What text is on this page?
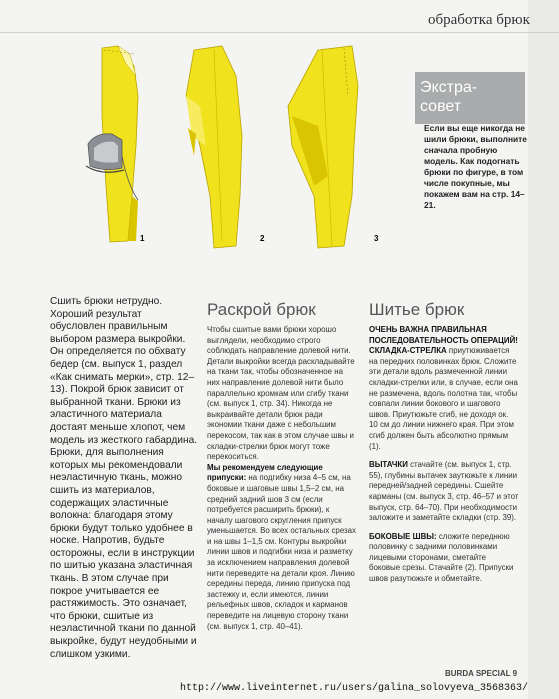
обработка брюк
1	2	3
Экстра-
совет
Если вы еще никогда не шили брюки, выполните сначала пробную модель. Как подогнать брюки по фигуре, в том числе покупные, мы покажем вам на стр. 14–21.

Сшить брюки нетрудно. Хороший результат обусловлен правильным выбором размера выкройки. Он определяется по обхвату бедер (см. выпуск 1, раздел «Как снимать мерки», стр. 12–13). Покрой брюк зависит от выбранной ткани. Брюки из эластичного материала достаят меньше хлопот, чем модель из жесткого габардина. Брюки, для выполнения которых мы рекомендовали неэластичную ткань, можно сшить из материалов, содержащих эластичные волокна: благодаря этому брюки будут только удобнее в носке. Напротив, будьте осторожны, если в инструкции по шитью указана эластичная ткань. В этом случае при покрое учитывается ее растяжимость. Это означает, что брюки, сшитые из неэластичной ткани по данной выкройке, будут неудобными и слишком узкими.

Раскрой брюк

Чтобы сшитые вами брюки хорошо выглядели, необходимо строго соблюдать направление долевой нити. Детали выкройки всегда раскладывайте на ткани так, чтобы обозначенное на них направление долевой нити было параллельно кромкам или сгибу ткани (см. выпуск 1, стр. 34). Никогда не выкраивайте детали брюк ради экономии ткани даже с небольшим перекосом, так как в этом случае швы и складки-стрелки брюк могут тоже перекоситься.

Мы рекомендуем следующие припуски: на подгибку низа 4–5 см, на боковые и шаговые швы 1,5–2 см, на средний задний шов 3 см (если потребуется расширить брюки), к началу шагового скругления припуск уменьшается. Во всех остальных срезах и на швы 1–1,5 см. Контуры выкройки линии швов и подгибки низа и разметку за исключением направления долевой нити переведите на детали кроя. Линию середины переда, линию припуска под застежку и, если имеются, линии рельефных швов, складок и карманов переведите на лицевую сторону ткани (см. выпуск 1, стр. 40–41).

Шитье брюк

ОЧЕНЬ ВАЖНА ПРАВИЛЬНАЯ ПОСЛЕДОВАТЕЛЬНОСТЬ ОПЕРАЦИЙ!

СКЛАДКА-СТРЕЛКА приутюживается на передних половинках брюк. Сложите эти детали вдоль размеченной линии складки-стрелки или, в случае, если она не размечена, вдоль полотна так, чтобы совпали линии бокового и шагового швов. Приутюжьте сгиб, не доходя ок. 10 см до линии нижнего края. При этом сгиб должен быть абсолютно прямым (1).

ВЫТАЧКИ стачайте (см. выпуск 1, стр. 55), глубины вытачек заутюжьте к линии передней/задней середины. Сшейте карманы (см. выпуск 3, стр. 46–57 и этот выпуск, стр. 64–70). При необходимости заложите и заметайте складки (стр. 39).

БОКОВЫЕ ШВЫ: сложите переднюю половинку с задними половинками лицевыми сторонами, сметайте боковые срезы. Стачайте (2). Припуски швов разутюжьте и обметайте.

BURDA SPECIAL 9
http://www.liveinternet.ru/users/galina_solovyeva_3568363/
